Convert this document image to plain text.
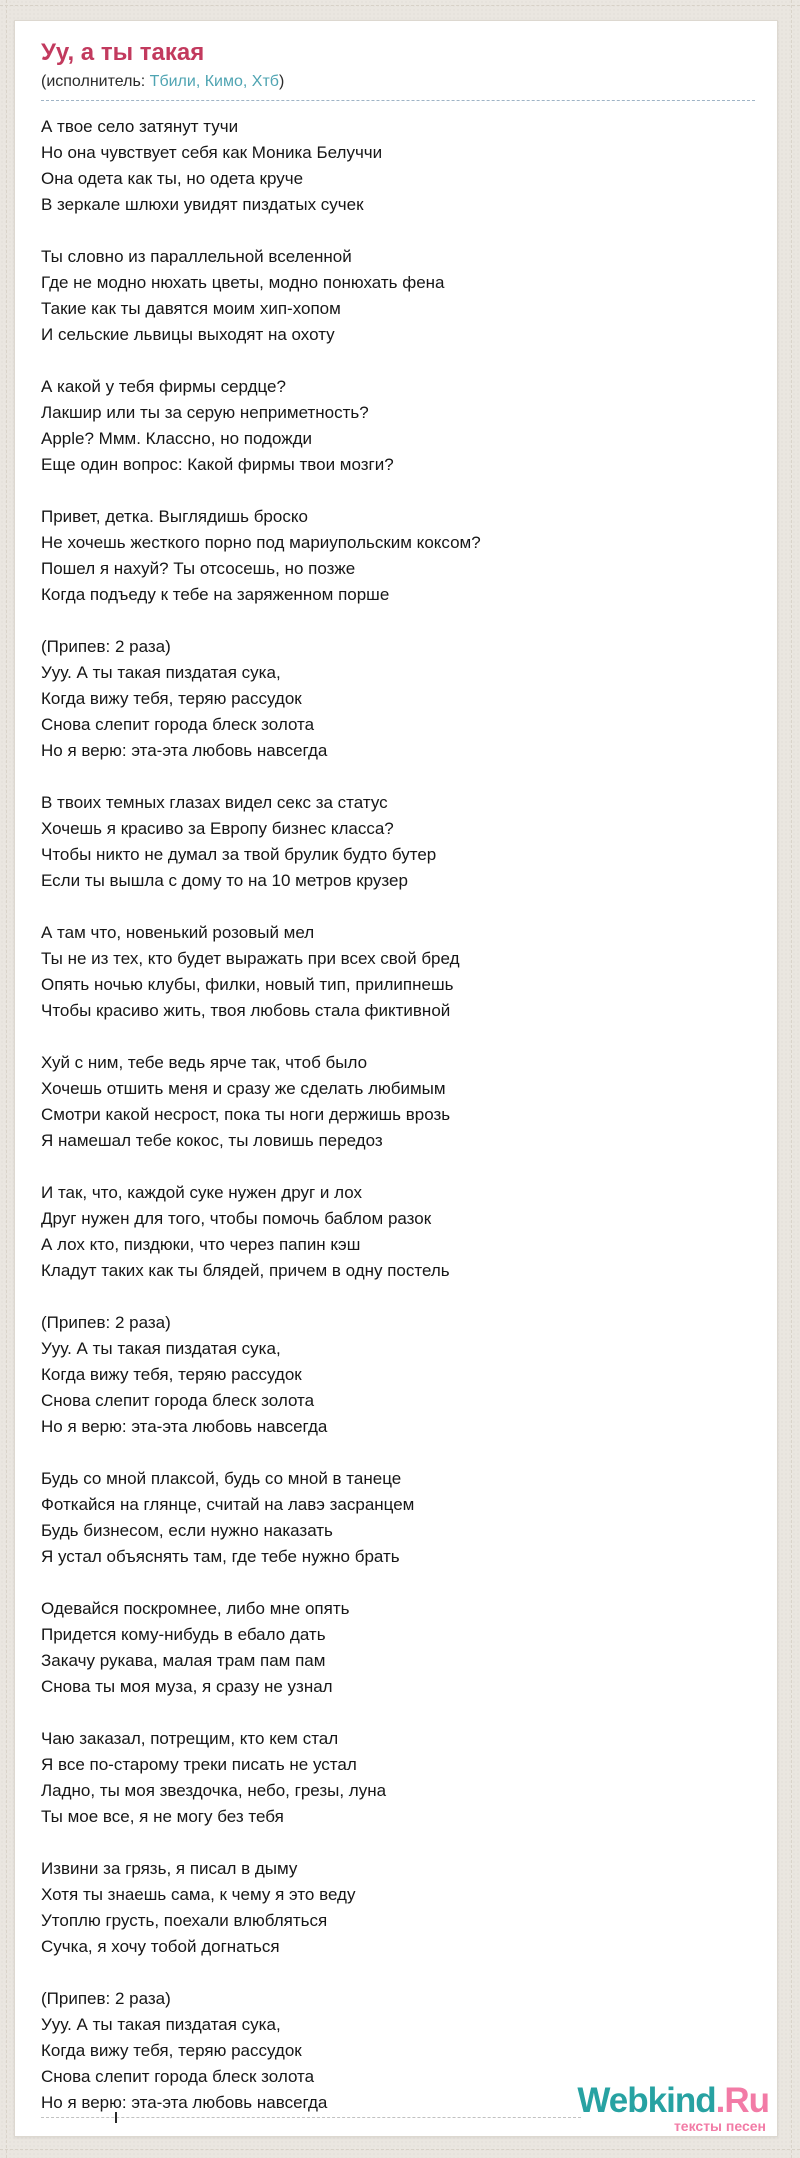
Уу, а ты такая
(исполнитель: Тбили, Кимо, Хтб)
А твое село затянут тучи
Но она чувствует себя как Моника Белуччи
Она одета как ты, но одета круче
В зеркале шлюхи увидят пиздатых сучек
Ты словно из параллельной вселенной
Где не модно нюхать цветы, модно понюхать фена
Такие как ты давятся моим хип-хопом
И сельские львицы выходят на охоту
А какой у тебя фирмы сердце?
Лакшир или ты за серую неприметность?
Apple? Ммм. Классно, но подожди
Еще один вопрос: Какой фирмы твои мозги?
Привет, детка. Выглядишь броско
Не хочешь жесткого порно под мариупольским коксом?
Пошел я нахуй? Ты отсосешь, но позже
Когда подъеду к тебе на заряженном порше
(Припев: 2 раза)
Ууу. А ты такая пиздатая сука,
Когда вижу тебя, теряю рассудок
Снова слепит города блеск золота
Но я верю: эта-эта любовь навсегда
В твоих темных глазах видел секс за статус
Хочешь я красиво за Европу бизнес класса?
Чтобы никто не думал за твой брулик будто бутер
Если ты вышла с дому то на 10 метров крузер
А там что, новенький розовый мел
Ты не из тех, кто будет выражать при всех свой бред
Опять ночью клубы, филки, новый тип, прилипнешь
Чтобы красиво жить, твоя любовь стала фиктивной
Хуй с ним, тебе ведь ярче так, чтоб было
Хочешь отшить меня и сразу же сделать любимым
Смотри какой несрост, пока ты ноги держишь врозь
Я намешал тебе кокос, ты ловишь передоз
И так, что, каждой суке нужен друг и лох
Друг нужен для того, чтобы помочь баблом разок
А лох кто, пиздюки, что через папин кэш
Кладут таких как ты блядей, причем в одну постель
(Припев: 2 раза)
Ууу. А ты такая пиздатая сука,
Когда вижу тебя, теряю рассудок
Снова слепит города блеск золота
Но я верю: эта-эта любовь навсегда
Будь со мной плаксой, будь со мной в танеце
Фоткайся на глянце, считай на лавэ засранцем
Будь бизнесом, если нужно наказать
Я устал объяснять там, где тебе нужно брать
Одевайся поскромнее, либо мне опять
Придется кому-нибудь в ебало дать
Закачу рукава, малая трам пам пам
Снова ты моя муза, я сразу не узнал
Чаю заказал, потрещим, кто кем стал
Я все по-старому треки писать не устал
Ладно, ты моя звездочка, небо, грезы, луна
Ты мое все, я не могу без тебя
Извини за грязь, я писал в дыму
Хотя ты знаешь сама, к чему я это веду
Утоплю грусть, поехали влюбляться
Сучка, я хочу тобой догнаться
(Припев: 2 раза)
Ууу. А ты такая пиздатая сука,
Когда вижу тебя, теряю рассудок
Снова слепит города блеск золота
Но я верю: эта-эта любовь навсегда	Webkind.Ru
тексты песен
